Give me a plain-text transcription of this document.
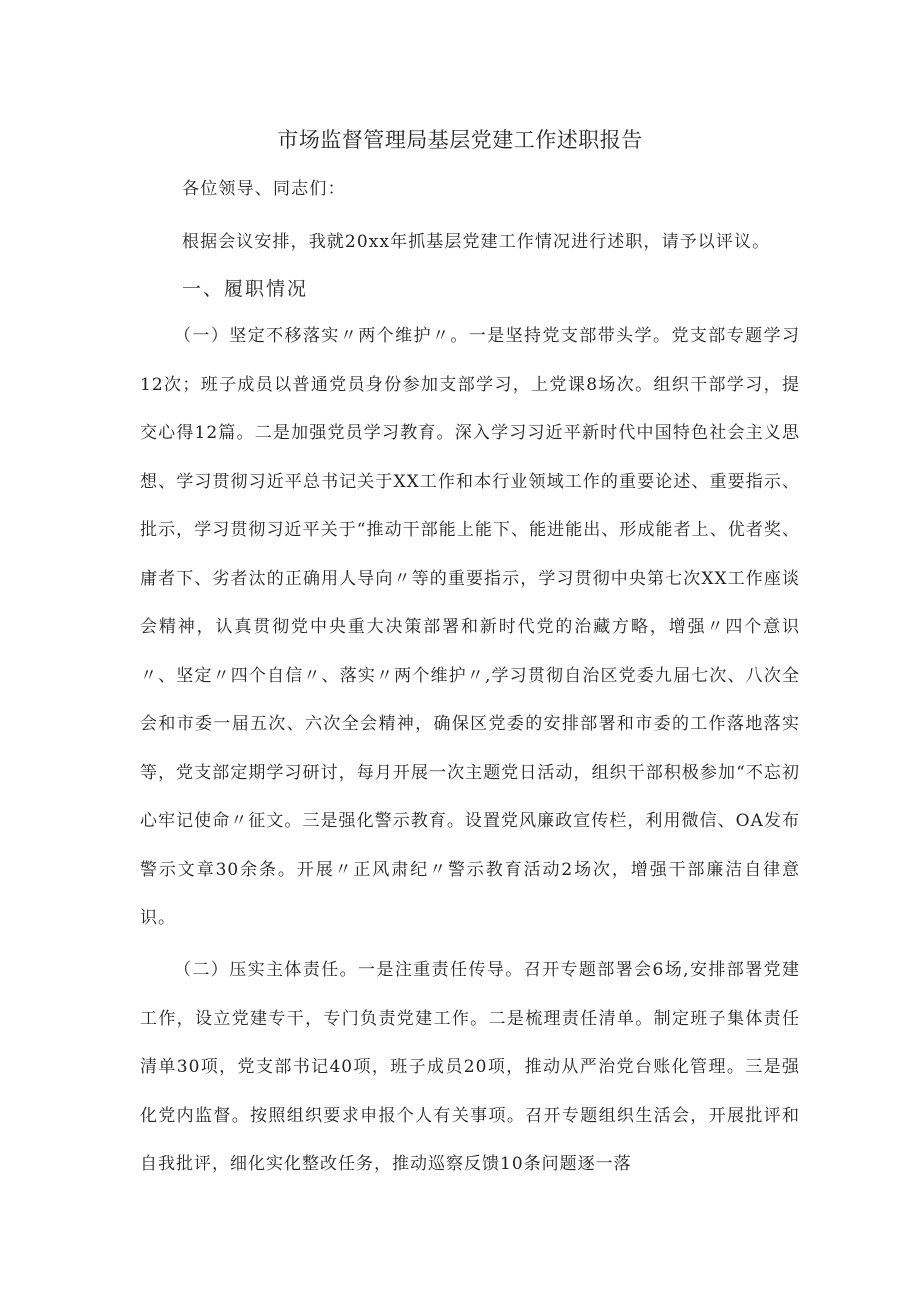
市场监督管理局基层党建工作述职报告
各位领导、同志们：
根据会议安排，我就20xx年抓基层党建工作情况进行述职，请予以评议。
一、履职情况

（一）坚定不移落实〃两个维护〃。一是坚持党支部带头学。党支部专题学习12次；班子成员以普通党员身份参加支部学习，上党课8场次。组织干部学习，提交心得12篇。二是加强党员学习教育。深入学习习近平新时代中国特色社会主义思想、学习贯彻习近平总书记关于XX工作和本行业领域工作的重要论述、重要指示、批示，学习贯彻习近平关于“推动干部能上能下、能进能出、形成能者上、优者奖、庸者下、劣者汰的正确用人导向〃等的重要指示，学习贯彻中央第七次XX工作座谈会精神，认真贯彻党中央重大决策部署和新时代党的治藏方略，增强〃四个意识〃、坚定〃四个自信〃、落实〃两个维护〃,学习贯彻自治区党委九届七次、八次全会和市委一届五次、六次全会精神，确保区党委的安排部署和市委的工作落地落实等，党支部定期学习研讨，每月开展一次主题党日活动，组织干部积极参加“不忘初心牢记使命〃征文。三是强化警示教育。设置党风廉政宣传栏，利用微信、OA发布警示文章30余条。开展〃正风肃纪〃警示教育活动2场次，增强干部廉洁自律意识。

（二）压实主体责任。一是注重责任传导。召开专题部署会6场,安排部署党建工作，设立党建专干，专门负责党建工作。二是梳理责任清单。制定班子集体责任清单30项，党支部书记40项，班子成员20项，推动从严治党台账化管理。三是强化党内监督。按照组织要求申报个人有关事项。召开专题组织生活会，开展批评和自我批评，细化实化整改任务，推动巡察反馈10条问题逐一落
